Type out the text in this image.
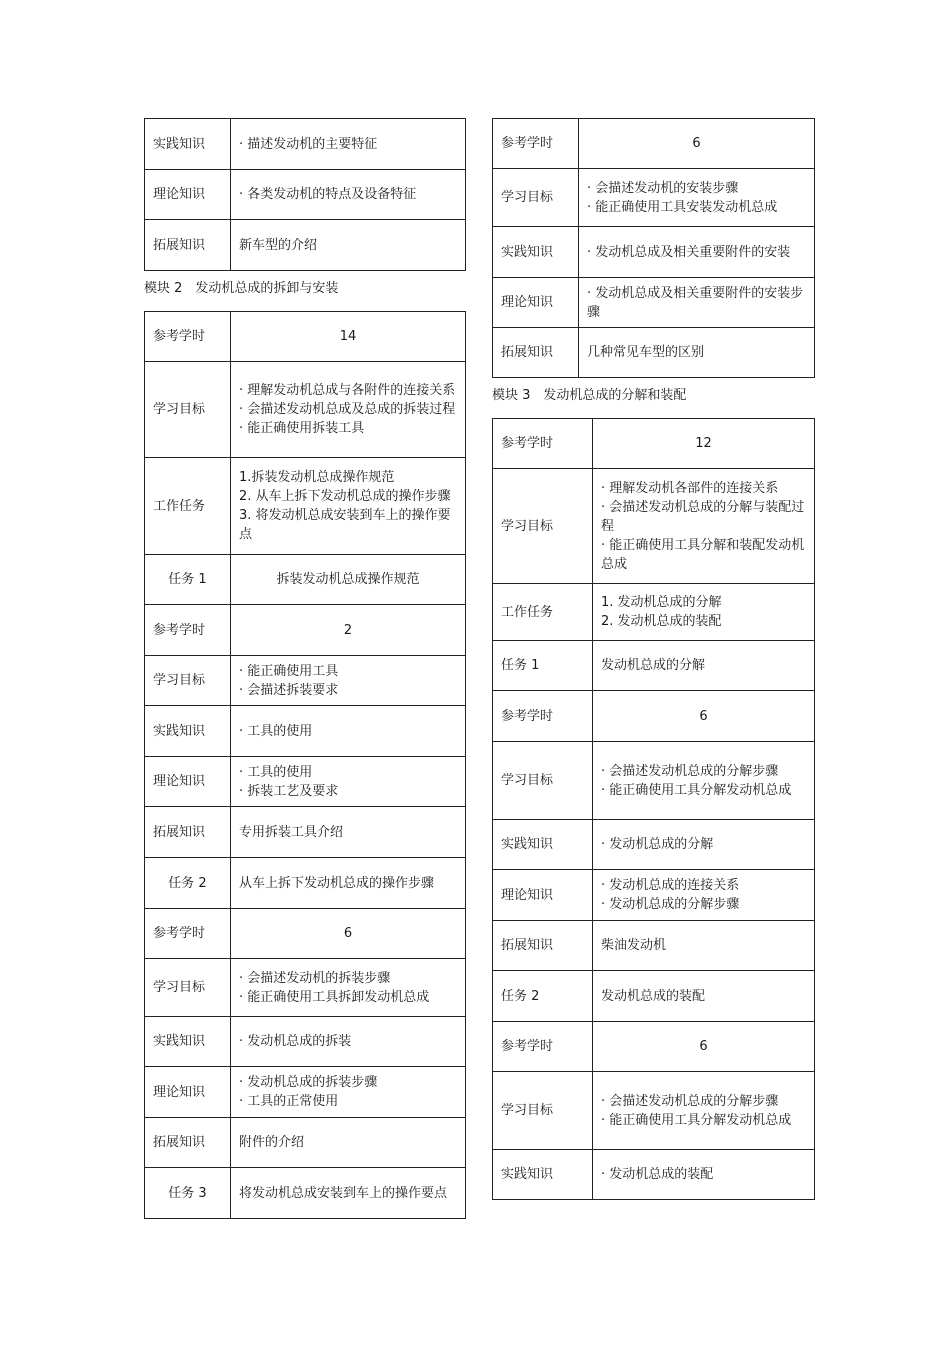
实践知识	· 描述发动机的主要特征
理论知识	· 各类发动机的特点及设备特征
拓展知识	新车型的介绍
模块 2　发动机总成的拆卸与安装
参考学时	14
学习目标	· 理解发动机总成与各附件的连接关系
· 会描述发动机总成及总成的拆装过程
· 能正确使用拆装工具
工作任务	1.拆装发动机总成操作规范
2. 从车上拆下发动机总成的操作步骤
3. 将发动机总成安装到车上的操作要点
任务 1	拆装发动机总成操作规范
参考学时	2
学习目标	· 能正确使用工具
· 会描述拆装要求
实践知识	· 工具的使用
理论知识	· 工具的使用
· 拆装工艺及要求
拓展知识	专用拆装工具介绍
任务 2	从车上拆下发动机总成的操作步骤
参考学时	6
学习目标	· 会描述发动机的拆装步骤
· 能正确使用工具拆卸发动机总成
实践知识	· 发动机总成的拆装
理论知识	· 发动机总成的拆装步骤
· 工具的正常使用
拓展知识	附件的介绍
任务 3	将发动机总成安装到车上的操作要点
参考学时	6
学习目标	· 会描述发动机的安装步骤
· 能正确使用工具安装发动机总成
实践知识	· 发动机总成及相关重要附件的安装
理论知识	· 发动机总成及相关重要附件的安装步骤
拓展知识	几种常见车型的区别
模块 3　发动机总成的分解和装配
参考学时	12
学习目标	· 理解发动机各部件的连接关系
· 会描述发动机总成的分解与装配过程
· 能正确使用工具分解和装配发动机总成
工作任务	1. 发动机总成的分解
2. 发动机总成的装配
任务 1	发动机总成的分解
参考学时	6
学习目标	· 会描述发动机总成的分解步骤
· 能正确使用工具分解发动机总成
实践知识	· 发动机总成的分解
理论知识	· 发动机总成的连接关系
· 发动机总成的分解步骤
拓展知识	柴油发动机
任务 2	发动机总成的装配
参考学时	6
学习目标	· 会描述发动机总成的分解步骤
· 能正确使用工具分解发动机总成
实践知识	· 发动机总成的装配
